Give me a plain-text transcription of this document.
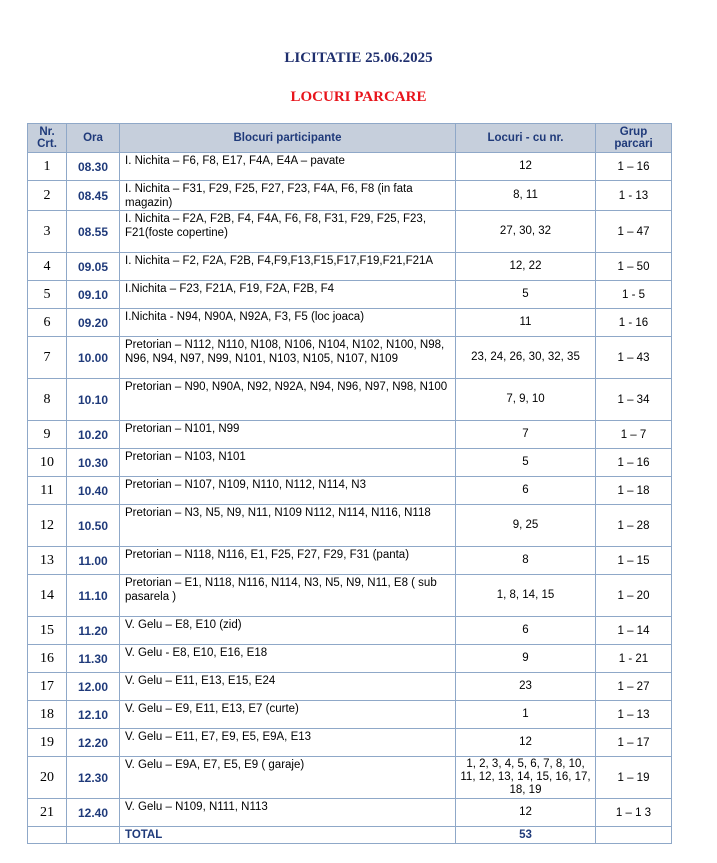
LICITATIE 25.06.2025
LOCURI PARCARE
Nr.
Crt.	Ora	Blocuri participante	Locuri - cu nr.	Grup
parcari
1	08.30	I. Nichita – F6, F8, E17, F4A, E4A – pavate	12	1 – 16
2	08.45	I. Nichita – F31, F29, F25, F27, F23, F4A, F6, F8 (in fata magazin)	8, 11	1 - 13
3	08.55	I. Nichita – F2A, F2B, F4, F4A, F6, F8, F31, F29, F25, F23, F21(foste copertine)	27, 30, 32	1 – 47
4	09.05	I. Nichita – F2, F2A, F2B, F4,F9,F13,F15,F17,F19,F21,F21A	12, 22	1 – 50
5	09.10	I.Nichita – F23, F21A, F19, F2A, F2B, F4	5	1 - 5
6	09.20	I.Nichita - N94, N90A, N92A, F3, F5 (loc joaca)	11	1 - 16
7	10.00	Pretorian – N112, N110, N108, N106, N104, N102, N100, N98, N96, N94, N97, N99, N101, N103, N105, N107, N109	23, 24, 26, 30, 32, 35	1 – 43
8	10.10	Pretorian – N90, N90A, N92, N92A, N94, N96, N97, N98, N100	7, 9, 10	1 – 34
9	10.20	Pretorian – N101, N99	7	1 – 7
10	10.30	Pretorian – N103, N101	5	1 – 16
11	10.40	Pretorian – N107, N109, N110, N112, N114, N3	6	1 – 18
12	10.50	Pretorian – N3, N5, N9, N11, N109 N112, N114, N116, N118	9, 25	1 – 28
13	11.00	Pretorian – N118, N116, E1, F25, F27, F29, F31 (panta)	8	1 – 15
14	11.10	Pretorian – E1, N118, N116, N114, N3, N5, N9, N11, E8 ( sub pasarela )	1, 8, 14, 15	1 – 20
15	11.20	V. Gelu – E8, E10 (zid)	6	1 – 14
16	11.30	V. Gelu - E8, E10, E16, E18	9	1 - 21
17	12.00	V. Gelu – E11, E13, E15, E24	23	1 – 27
18	12.10	V. Gelu – E9, E11, E13, E7 (curte)	1	1 – 13
19	12.20	V. Gelu – E11, E7, E9, E5, E9A, E13	12	1 – 17
20	12.30	V. Gelu – E9A, E7, E5, E9 ( garaje)	1, 2, 3, 4, 5, 6, 7, 8, 10, 11, 12, 13, 14, 15, 16, 17, 18, 19	1 – 19
21	12.40	V. Gelu – N109, N111, N113	12	1 – 1 3
		TOTAL	53	
